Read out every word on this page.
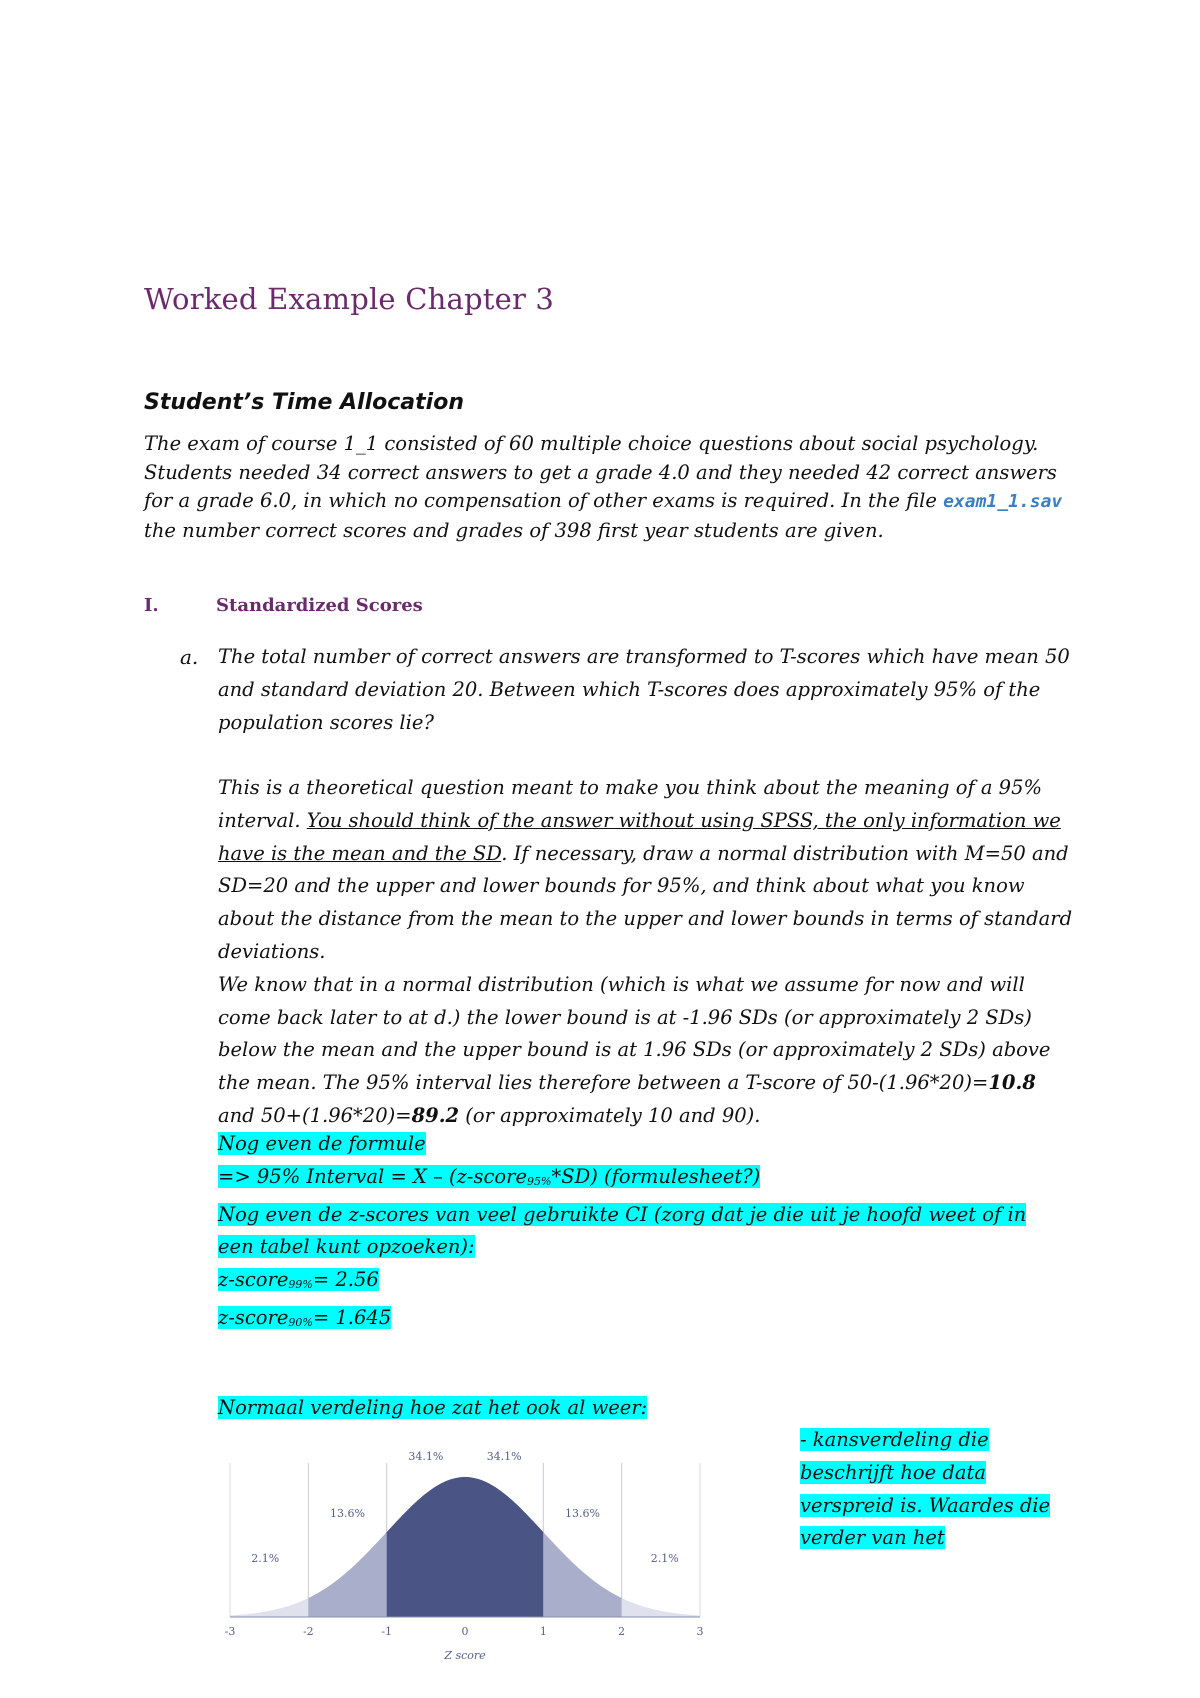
Worked Example Chapter 3
Student’s Time Allocation
The exam of course 1_1 consisted of 60 multiple choice questions about social psychology. Students needed 34 correct answers to get a grade 4.0 and they needed 42 correct answers for a grade 6.0, in which no compensation of other exams is required. In the file exam1_1.sav the number correct scores and grades of 398 first year students are given.
I.	Standardized Scores
a. The total number of correct answers are transformed to T-scores which have mean 50 and standard deviation 20. Between which T-scores does approximately 95% of the population scores lie?
This is a theoretical question meant to make you think about the meaning of a 95% interval. You should think of the answer without using SPSS, the only information we have is the mean and the SD. If necessary, draw a normal distribution with M=50 and SD=20 and the upper and lower bounds for 95%, and think about what you know about the distance from the mean to the upper and lower bounds in terms of standard deviations.
We know that in a normal distribution (which is what we assume for now and will come back later to at d.) the lower bound is at -1.96 SDs (or approximately 2 SDs) below the mean and the upper bound is at 1.96 SDs (or approximately 2 SDs) above the mean. The 95% interval lies therefore between a T-score of 50-(1.96*20)=10.8 and 50+(1.96*20)=89.2 (or approximately 10 and 90).
Nog even de formule
=> 95% Interval = X – (z-score$_{95\%}$*SD) (formulesheet?)
Nog even de z-scores van veel gebruikte CI (zorg dat je die uit je hoofd weet of in
een tabel kunt opzoeken):
z-score$_{99\%}$= 2.56
z-score$_{90\%}$= 1.645
Normaal verdeling hoe zat het ook al weer:
- kansverdeling die
beschrijft hoe data
verspreid is. Waardes die
verder van het
2.1%
13.6%
34.1%	34.1%
13.6%
2.1%
-3	-2	-1	0	1	2	3
Z score
